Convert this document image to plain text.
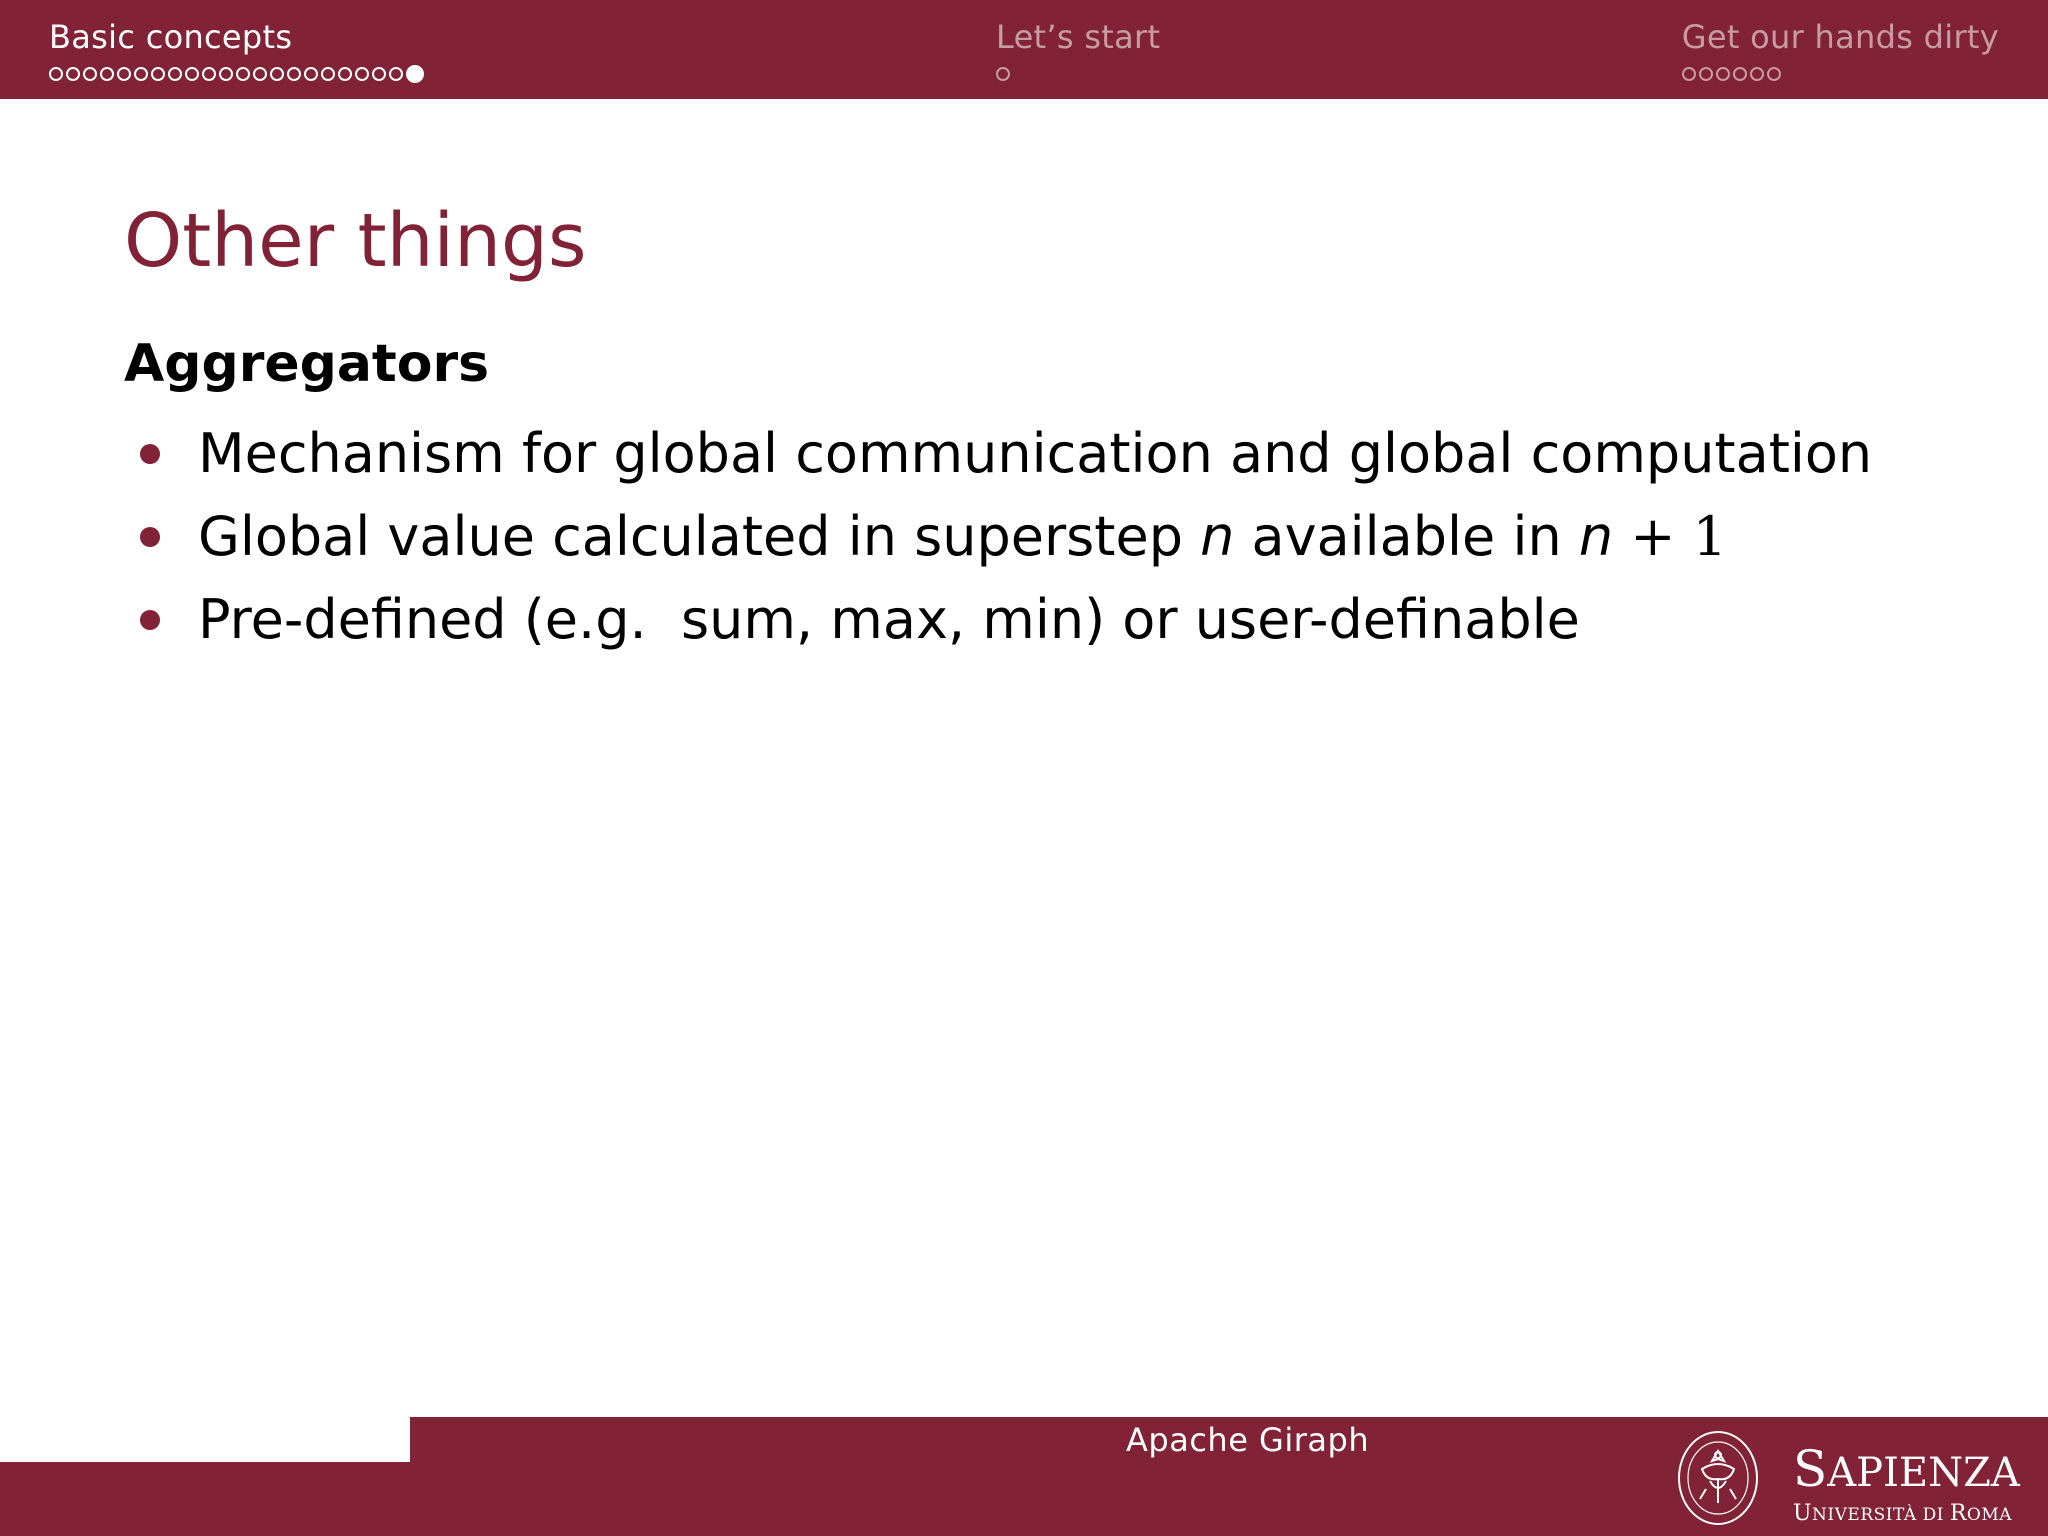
Basic concepts	Let’s start	Get our hands dirty
Other things
Aggregators
Mechanism for global communication and global computation
Global value calculated in superstep n available in n + 1
Pre-defined (e.g.  sum, max, min) or user-definable
Apache Giraph	SAPIENZA
UNIVERSITÀ DI ROMA
